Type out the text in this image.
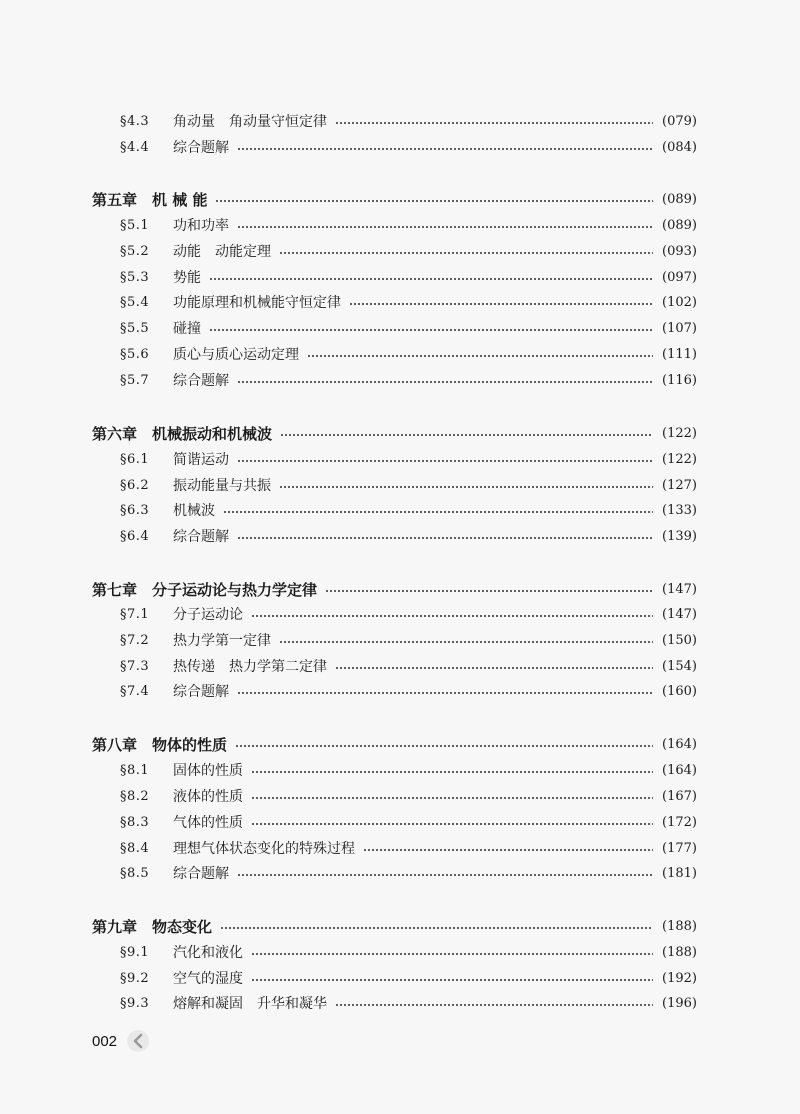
§4.3	角动量　角动量守恒定律	(079)
§4.4	综合题解	(084)
第五章　机 械 能	(089)
§5.1	功和功率	(089)
§5.2	动能　动能定理	(093)
§5.3	势能	(097)
§5.4	功能原理和机械能守恒定律	(102)
§5.5	碰撞	(107)
§5.6	质心与质心运动定理	(111)
§5.7	综合题解	(116)
第六章　机械振动和机械波	(122)
§6.1	简谐运动	(122)
§6.2	振动能量与共振	(127)
§6.3	机械波	(133)
§6.4	综合题解	(139)
第七章　分子运动论与热力学定律	(147)
§7.1	分子运动论	(147)
§7.2	热力学第一定律	(150)
§7.3	热传递　热力学第二定律	(154)
§7.4	综合题解	(160)
第八章　物体的性质	(164)
§8.1	固体的性质	(164)
§8.2	液体的性质	(167)
§8.3	气体的性质	(172)
§8.4	理想气体状态变化的特殊过程	(177)
§8.5	综合题解	(181)
第九章　物态变化	(188)
§9.1	汽化和液化	(188)
§9.2	空气的湿度	(192)
§9.3	熔解和凝固　升华和凝华	(196)
002
